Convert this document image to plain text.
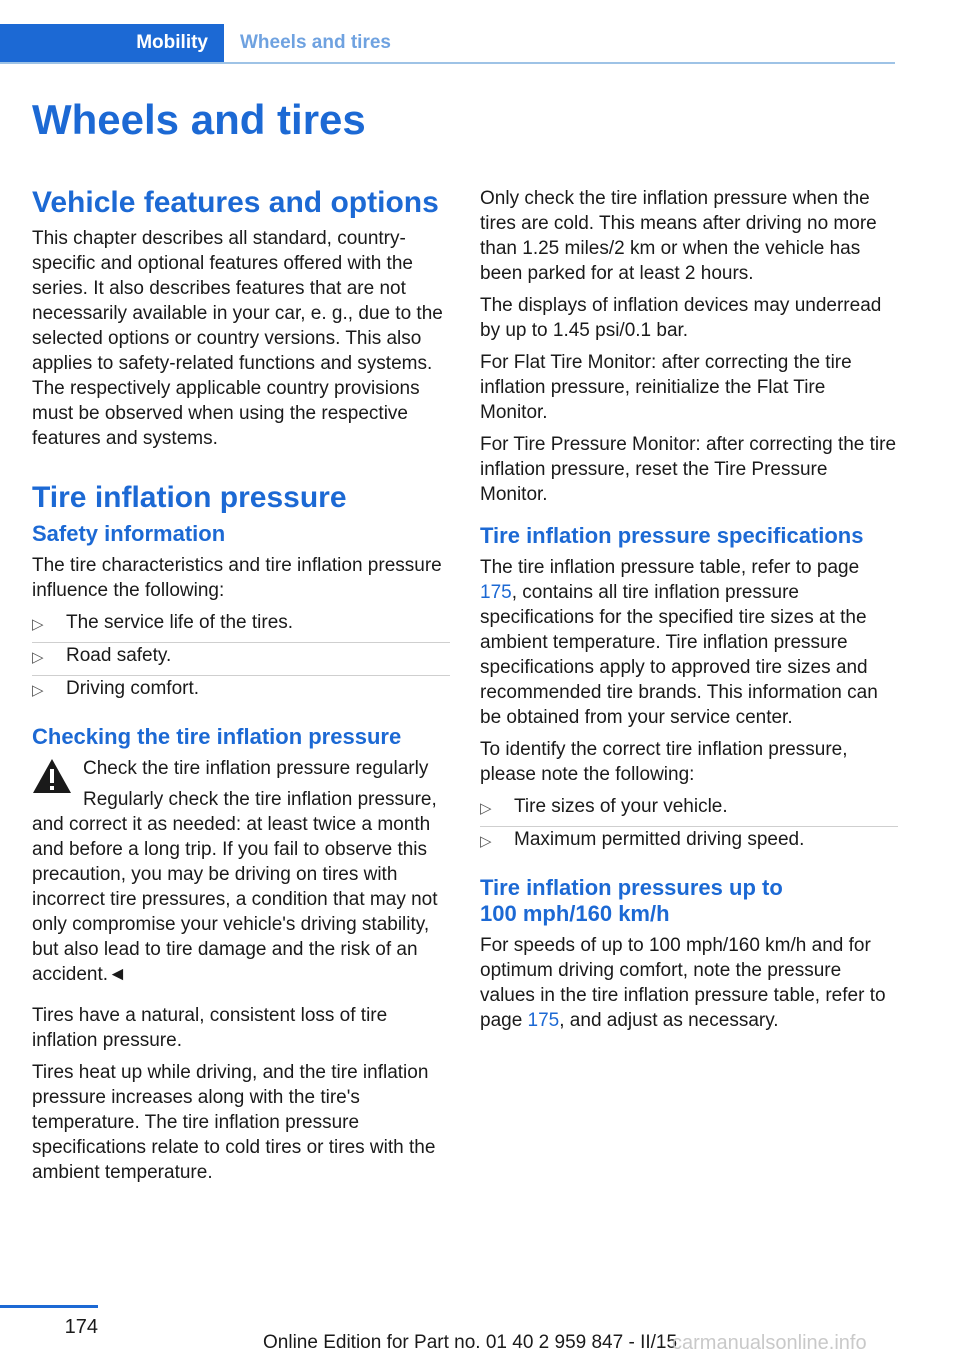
Mobility	Wheels and tires
Wheels and tires
Vehicle features and options

This chapter describes all standard, country-specific and optional features offered with the series. It also describes features that are not necessarily available in your car, e. g., due to the selected options or country versions. This also applies to safety-related functions and systems. The respectively applicable country provisions must be observed when using the respective features and systems.

Tire inflation pressure
Safety information

The tire characteristics and tire inflation pressure influence the following:

▷ The service life of the tires.
▷ Road safety.
▷ Driving comfort.
Checking the tire inflation pressure

Check the tire inflation pressure regularly

Regularly check the tire inflation pressure, and correct it as needed: at least twice a month and before a long trip. If you fail to observe this precaution, you may be driving on tires with incorrect tire pressures, a condition that may not only compromise your vehicle's driving stability, but also lead to tire damage and the risk of an accident.◄

Tires have a natural, consistent loss of tire inflation pressure.

Tires heat up while driving, and the tire inflation pressure increases along with the tire's temperature. The tire inflation pressure specifications relate to cold tires or tires with the ambient temperature.

Only check the tire inflation pressure when the tires are cold. This means after driving no more than 1.25 miles/2 km or when the vehicle has been parked for at least 2 hours.

The displays of inflation devices may underread by up to 1.45 psi/0.1 bar.

For Flat Tire Monitor: after correcting the tire inflation pressure, reinitialize the Flat Tire Monitor.

For Tire Pressure Monitor: after correcting the tire inflation pressure, reset the Tire Pressure Monitor.

Tire inflation pressure specifications

The tire inflation pressure table, refer to page 175, contains all tire inflation pressure specifications for the specified tire sizes at the ambient temperature. Tire inflation pressure specifications apply to approved tire sizes and recommended tire brands. This information can be obtained from your service center.

To identify the correct tire inflation pressure, please note the following:

▷ Tire sizes of your vehicle.
▷ Maximum permitted driving speed.
Tire inflation pressures up to
100 mph/160 km/h

For speeds of up to 100 mph/160 km/h and for optimum driving comfort, note the pressure values in the tire inflation pressure table, refer to page 175, and adjust as necessary.

174
Online Edition for Part no. 01 40 2 959 847 - II/15
carmanualsonline.info
